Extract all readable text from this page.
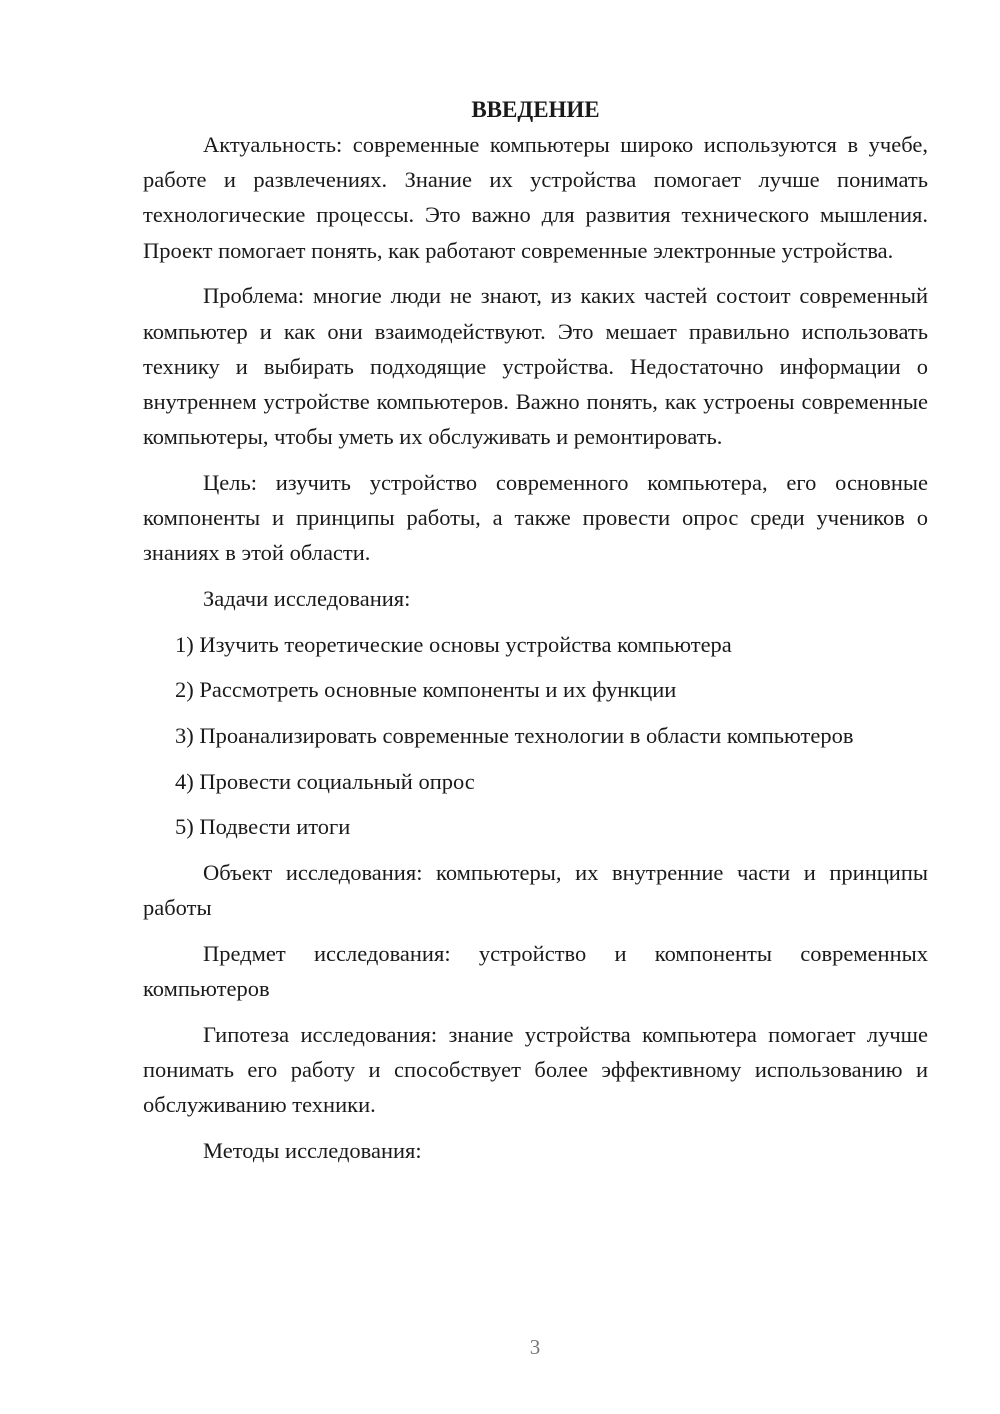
ВВЕДЕНИЕ

Актуальность: современные компьютеры широко используются в учебе, работе и развлечениях. Знание их устройства помогает лучше понимать технологические процессы. Это важно для развития технического мышления. Проект помогает понять, как работают современные электронные устройства.

Проблема: многие люди не знают, из каких частей состоит современный компьютер и как они взаимодействуют. Это мешает правильно использовать технику и выбирать подходящие устройства. Недостаточно информации о внутреннем устройстве компьютеров. Важно понять, как устроены современные компьютеры, чтобы уметь их обслуживать и ремонтировать.

Цель: изучить устройство современного компьютера, его основные компоненты и принципы работы, а также провести опрос среди учеников о знаниях в этой области.

Задачи исследования:

1) Изучить теоретические основы устройства компьютера

2) Рассмотреть основные компоненты и их функции

3) Проанализировать современные технологии в области компьютеров

4) Провести социальный опрос

5) Подвести итоги

Объект исследования: компьютеры, их внутренние части и принципы работы

Предмет исследования: устройство и компоненты современных компьютеров

Гипотеза исследования: знание устройства компьютера помогает лучше понимать его работу и способствует более эффективному использованию и обслуживанию техники.

Методы исследования:

3
